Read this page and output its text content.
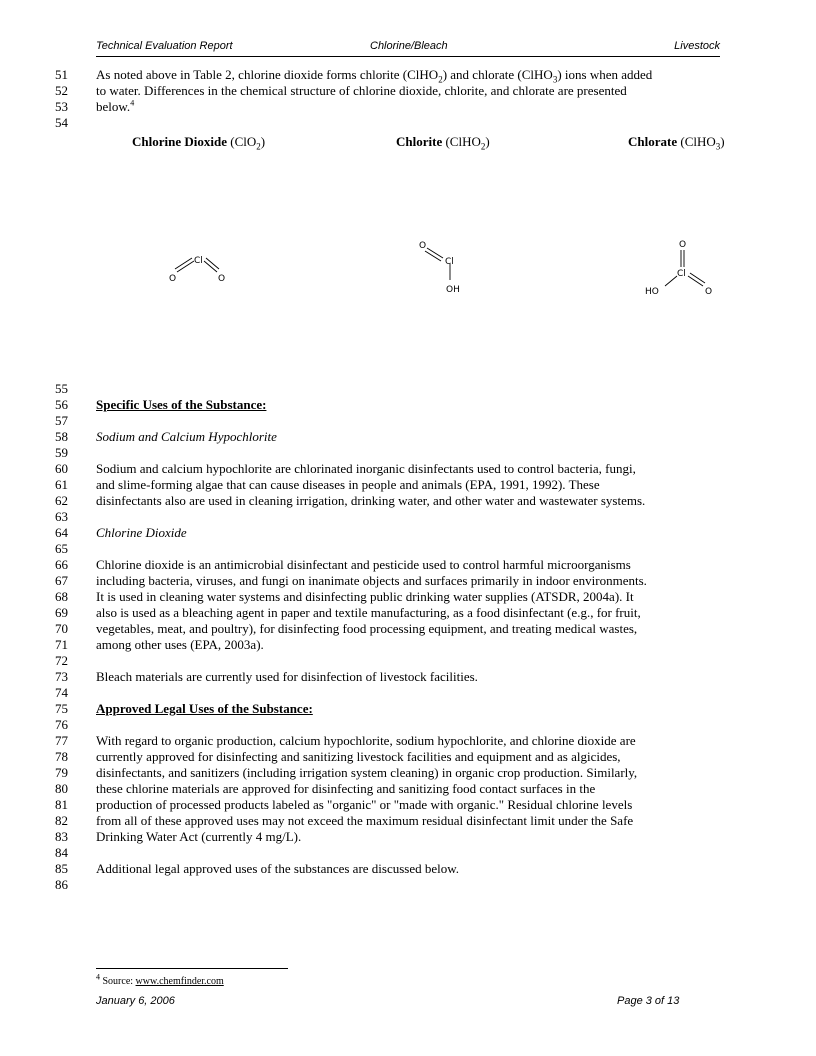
Technical Evaluation Report	Chlorine/Bleach	Livestock
51
52
53
54
55
56
57
58
59
60
61
62
63
64
65
66
67
68
69
70
71
72
73
74
75
76
77
78
79
80
81
82
83
84
85
86
As noted above in Table 2, chlorine dioxide forms chlorite (ClHO$_2$) and chlorate (ClHO$_3$) ions when added
to water. Differences in the chemical structure of chlorine dioxide, chlorite, and chlorate are presented
below.$^4$
Chlorine Dioxide (ClO$_2$)	Chlorite (ClHO$_2$)	Chlorate (ClHO$_3$)
Cl
O	O
O
Cl
OH
O
Cl
HO	O
Specific Uses of the Substance:
Sodium and Calcium Hypochlorite
Sodium and calcium hypochlorite are chlorinated inorganic disinfectants used to control bacteria, fungi,
and slime-forming algae that can cause diseases in people and animals (EPA, 1991, 1992). These
disinfectants also are used in cleaning irrigation, drinking water, and other water and wastewater systems.
Chlorine Dioxide
Chlorine dioxide is an antimicrobial disinfectant and pesticide used to control harmful microorganisms
including bacteria, viruses, and fungi on inanimate objects and surfaces primarily in indoor environments.
It is used in cleaning water systems and disinfecting public drinking water supplies (ATSDR, 2004a). It
also is used as a bleaching agent in paper and textile manufacturing, as a food disinfectant (e.g., for fruit,
vegetables, meat, and poultry), for disinfecting food processing equipment, and treating medical wastes,
among other uses (EPA, 2003a).
Bleach materials are currently used for disinfection of livestock facilities.
Approved Legal Uses of the Substance:
With regard to organic production, calcium hypochlorite, sodium hypochlorite, and chlorine dioxide are
currently approved for disinfecting and sanitizing livestock facilities and equipment and as algicides,
disinfectants, and sanitizers (including irrigation system cleaning) in organic crop production. Similarly,
these chlorine materials are approved for disinfecting and sanitizing food contact surfaces in the
production of processed products labeled as "organic" or "made with organic." Residual chlorine levels
from all of these approved uses may not exceed the maximum residual disinfectant limit under the Safe
Drinking Water Act (currently 4 mg/L).
Additional legal approved uses of the substances are discussed below.
$^4$ Source: www.chemfinder.com
January 6, 2006	Page 3 of 13
